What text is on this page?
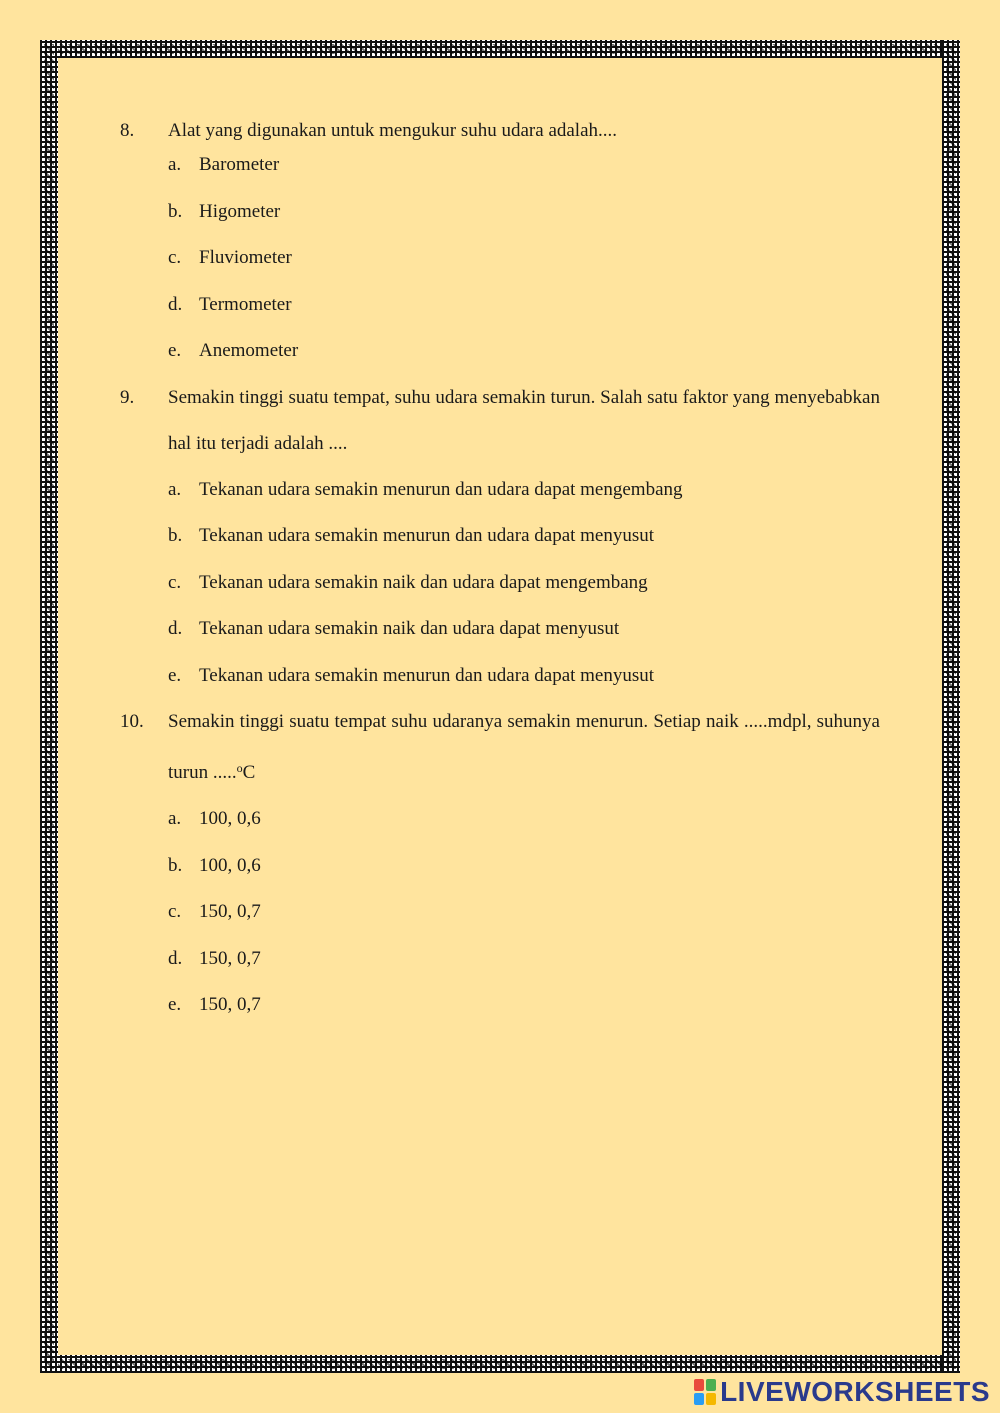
8.	Alat yang digunakan untuk mengukur suhu udara adalah....
a. Barometer
b. Higometer
c. Fluviometer
d. Termometer
e. Anemometer
9.	Semakin tinggi suatu tempat, suhu udara semakin turun. Salah satu faktor yang menyebabkan hal itu terjadi adalah ....
a. Tekanan udara semakin menurun dan udara dapat mengembang
b. Tekanan udara semakin menurun dan udara dapat menyusut
c. Tekanan udara semakin naik dan udara dapat mengembang
d. Tekanan udara semakin naik dan udara dapat menyusut
e. Tekanan udara semakin menurun dan udara dapat menyusut
10.	Semakin tinggi suatu tempat suhu udaranya semakin menurun. Setiap naik .....mdpl, suhunya turun .....$^o$C
a. 100, 0,6
b. 100, 0,6
c. 150, 0,7
d. 150, 0,7
e. 150, 0,7
LIVEWORKSHEETS
